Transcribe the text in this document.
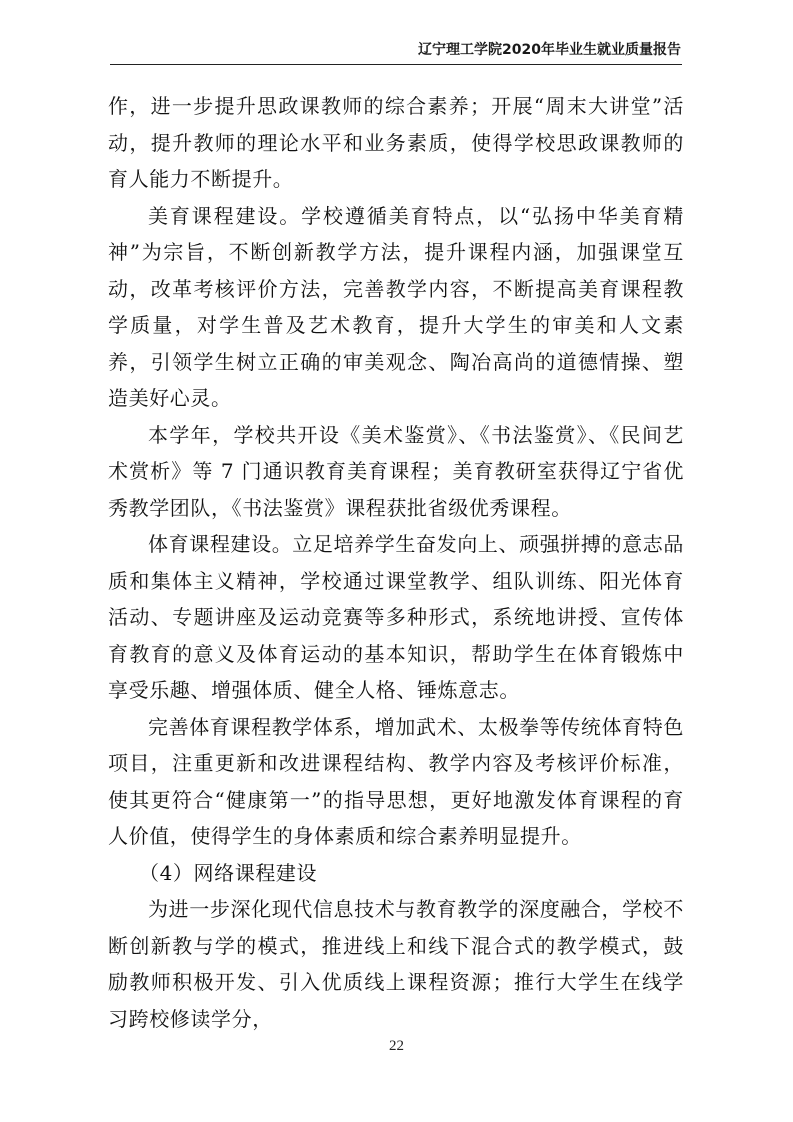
辽宁理工学院2020年毕业生就业质量报告

作，进一步提升思政课教师的综合素养；开展“周末大讲堂”活动，提升教师的理论水平和业务素质，使得学校思政课教师的育人能力不断提升。

美育课程建设。学校遵循美育特点，以“弘扬中华美育精神”为宗旨，不断创新教学方法，提升课程内涵，加强课堂互动，改革考核评价方法，完善教学内容，不断提高美育课程教学质量，对学生普及艺术教育，提升大学生的审美和人文素养，引领学生树立正确的审美观念、陶冶高尚的道德情操、塑造美好心灵。

本学年，学校共开设《美术鉴赏》、《书法鉴赏》、《民间艺术赏析》等 7 门通识教育美育课程；美育教研室获得辽宁省优秀教学团队，《书法鉴赏》课程获批省级优秀课程。

体育课程建设。立足培养学生奋发向上、顽强拼搏的意志品质和集体主义精神，学校通过课堂教学、组队训练、阳光体育活动、专题讲座及运动竞赛等多种形式，系统地讲授、宣传体育教育的意义及体育运动的基本知识，帮助学生在体育锻炼中享受乐趣、增强体质、健全人格、锤炼意志。

完善体育课程教学体系，增加武术、太极拳等传统体育特色项目，注重更新和改进课程结构、教学内容及考核评价标准，使其更符合“健康第一”的指导思想，更好地激发体育课程的育人价值，使得学生的身体素质和综合素养明显提升。

（4）网络课程建设

为进一步深化现代信息技术与教育教学的深度融合，学校不断创新教与学的模式，推进线上和线下混合式的教学模式，鼓励教师积极开发、引入优质线上课程资源；推行大学生在线学习跨校修读学分，

22
